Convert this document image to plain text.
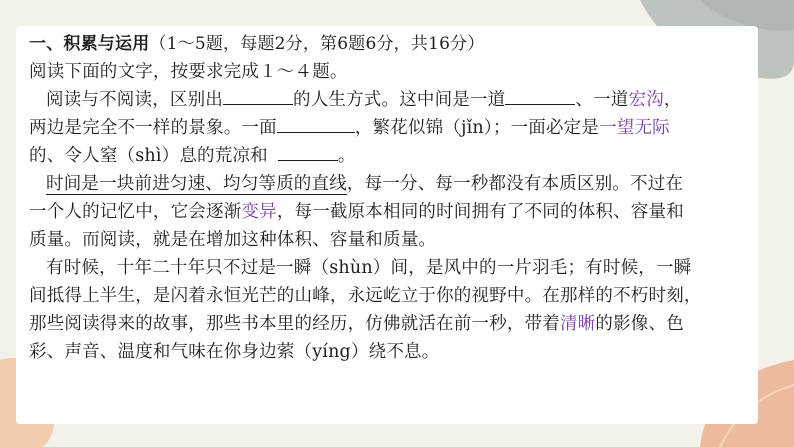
一、积累与运用（1～5题，每题2分，第6题6分，共16分）
阅读下面的文字，按要求完成１～４题。
阅读与不阅读，区别出	的人生方式。这中间是一道	、一道宏沟，
两边是完全不一样的景象。一面	，繁花似锦（jǐn）；一面必定是一望无际
的、令人窒（shì）息的荒凉和	。
时间是一块前进匀速、均匀等质的直线，每一分、每一秒都没有本质区别。不过在
一个人的记忆中，它会逐渐变异，每一截原本相同的时间拥有了不同的体积、容量和
质量。而阅读，就是在增加这种体积、容量和质量。
有时候，十年二十年只不过是一瞬（shùn）间，是风中的一片羽毛；有时候，一瞬
间抵得上半生，是闪着永恒光芒的山峰，永远屹立于你的视野中。在那样的不朽时刻，
那些阅读得来的故事，那些书本里的经历，仿佛就活在前一秒，带着清晰的影像、色
彩、声音、温度和气味在你身边萦（yíng）绕不息。
